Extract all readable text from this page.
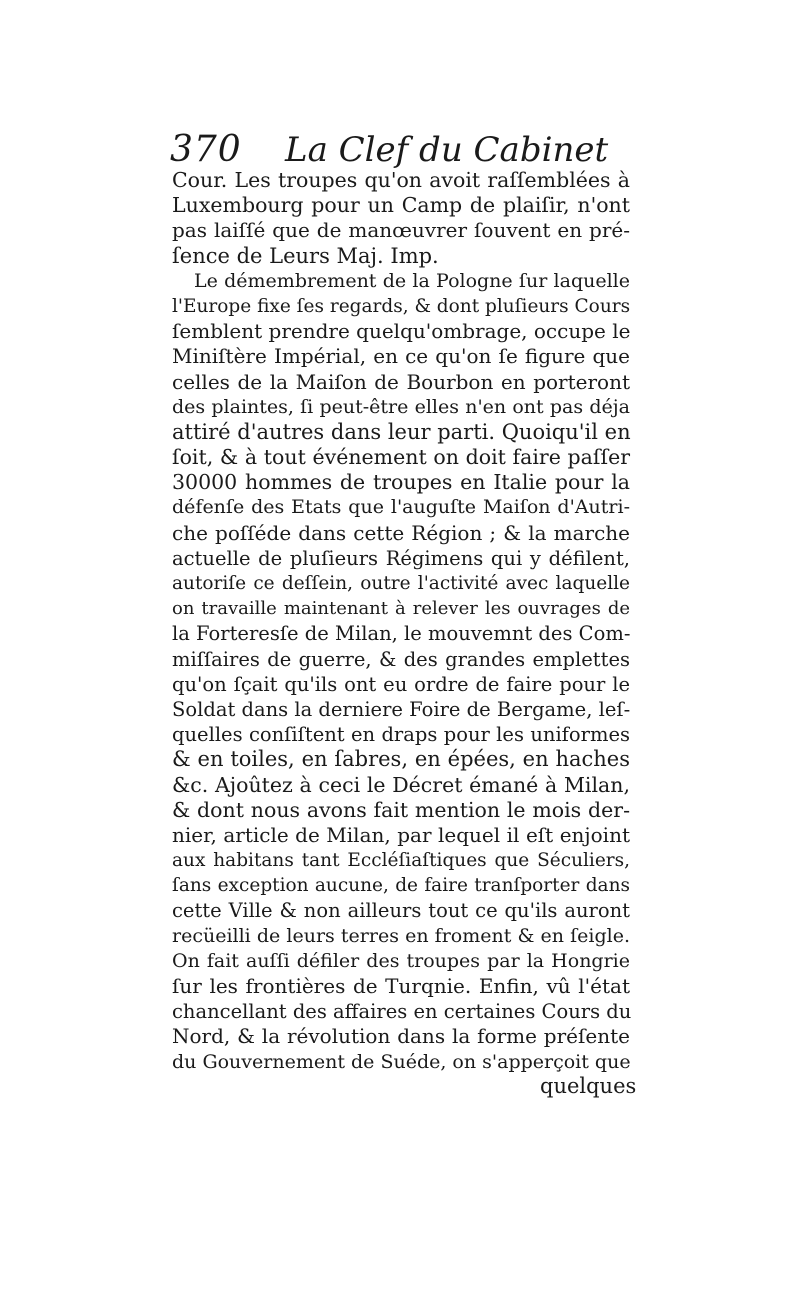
370 La Clef du Cabinet
Cour. Les troupes qu'on avoit raſſemblées à
Luxembourg pour un Camp de plaiſir, n'ont
pas laiſſé que de manœuvrer ſouvent en pré-
ſence de Leurs Maj. Imp.
Le démembrement de la Pologne ſur laquelle
l'Europe fixe ſes regards, & dont pluſieurs Cours
ſemblent prendre quelqu'ombrage, occupe le
Miniſtère Impérial, en ce qu'on ſe figure que
celles de la Maiſon de Bourbon en porteront
des plaintes, ſi peut-être elles n'en ont pas déja
attiré d'autres dans leur parti. Quoiqu'il en
ſoit, & à tout événement on doit faire paſſer
30000 hommes de troupes en Italie pour la
défenſe des Etats que l'auguſte Maiſon d'Autri-
che poſſéde dans cette Région ; & la marche
actuelle de pluſieurs Régimens qui y défilent,
autoriſe ce deſſein, outre l'activité avec laquelle
on travaille maintenant à relever les ouvrages de
la Forteresſe de Milan, le mouvemnt des Com-
miſſaires de guerre, & des grandes emplettes
qu'on ſçait qu'ils ont eu ordre de faire pour le
Soldat dans la derniere Foire de Bergame, leſ-
quelles conſiſtent en draps pour les uniformes
& en toiles, en ſabres, en épées, en haches
&c. Ajoûtez à ceci le Décret émané à Milan,
& dont nous avons fait mention le mois der-
nier, article de Milan, par lequel il eſt enjoint
aux habitans tant Eccléſiaſtiques que Séculiers,
ſans exception aucune, de faire tranſporter dans
cette Ville & non ailleurs tout ce qu'ils auront
recüeilli de leurs terres en froment & en ſeigle.
On fait auſſi défiler des troupes par la Hongrie
ſur les frontières de Turqnie. Enfin, vû l'état
chancellant des affaires en certaines Cours du
Nord, & la révolution dans la forme préſente
du Gouvernement de Suéde, on s'apperçoit que
quelques
